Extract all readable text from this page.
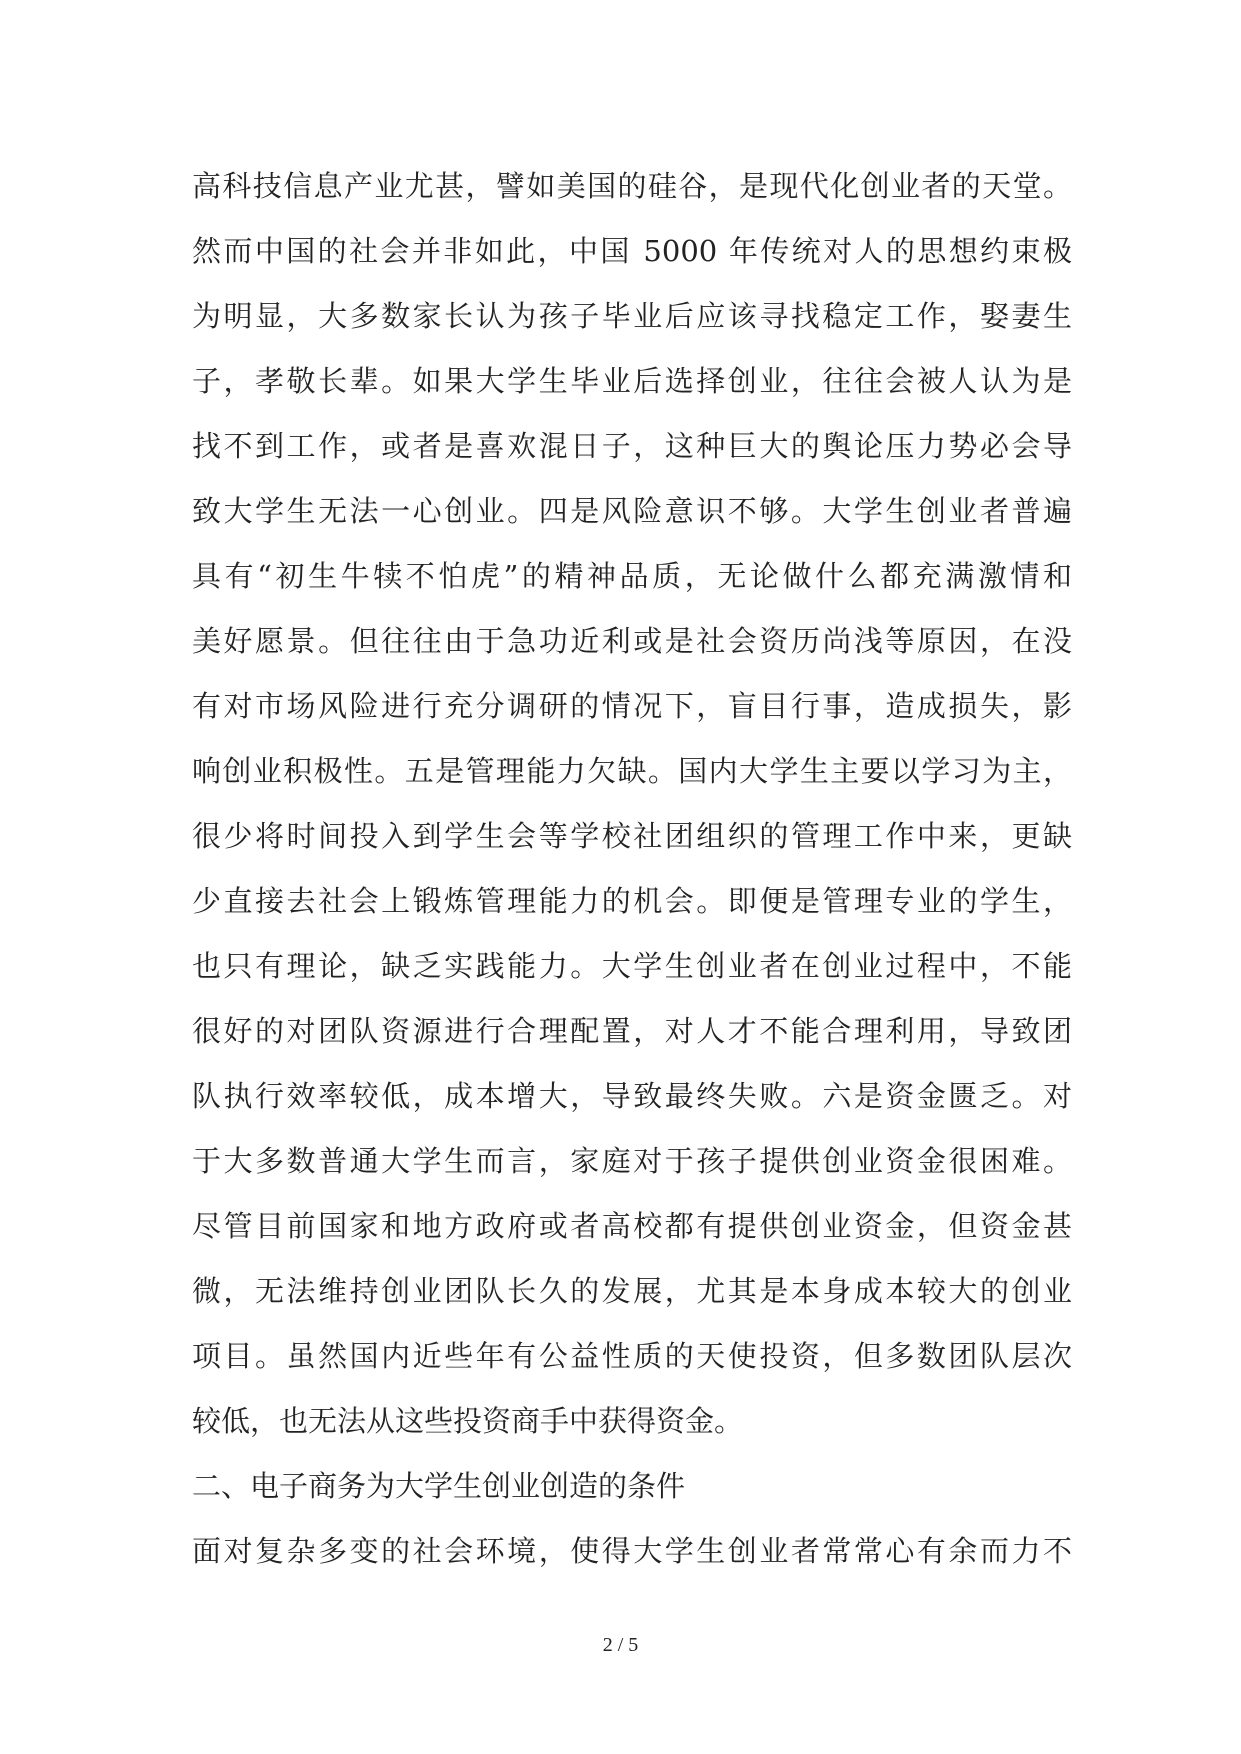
高科技信息产业尤甚，譬如美国的硅谷，是现代化创业者的天堂。
然而中国的社会并非如此，中国 5000 年传统对人的思想约束极
为明显，大多数家长认为孩子毕业后应该寻找稳定工作，娶妻生
子，孝敬长辈。如果大学生毕业后选择创业，往往会被人认为是
找不到工作，或者是喜欢混日子，这种巨大的舆论压力势必会导
致大学生无法一心创业。四是风险意识不够。大学生创业者普遍
具有“初生牛犊不怕虎”的精神品质，无论做什么都充满激情和
美好愿景。但往往由于急功近利或是社会资历尚浅等原因，在没
有对市场风险进行充分调研的情况下，盲目行事，造成损失，影
响创业积极性。五是管理能力欠缺。国内大学生主要以学习为主，
很少将时间投入到学生会等学校社团组织的管理工作中来，更缺
少直接去社会上锻炼管理能力的机会。即便是管理专业的学生，
也只有理论，缺乏实践能力。大学生创业者在创业过程中，不能
很好的对团队资源进行合理配置，对人才不能合理利用，导致团
队执行效率较低，成本增大，导致最终失败。六是资金匮乏。对
于大多数普通大学生而言，家庭对于孩子提供创业资金很困难。
尽管目前国家和地方政府或者高校都有提供创业资金，但资金甚
微，无法维持创业团队长久的发展，尤其是本身成本较大的创业
项目。虽然国内近些年有公益性质的天使投资，但多数团队层次
较低，也无法从这些投资商手中获得资金。
二、电子商务为大学生创业创造的条件
面对复杂多变的社会环境，使得大学生创业者常常心有余而力不
2 / 5
